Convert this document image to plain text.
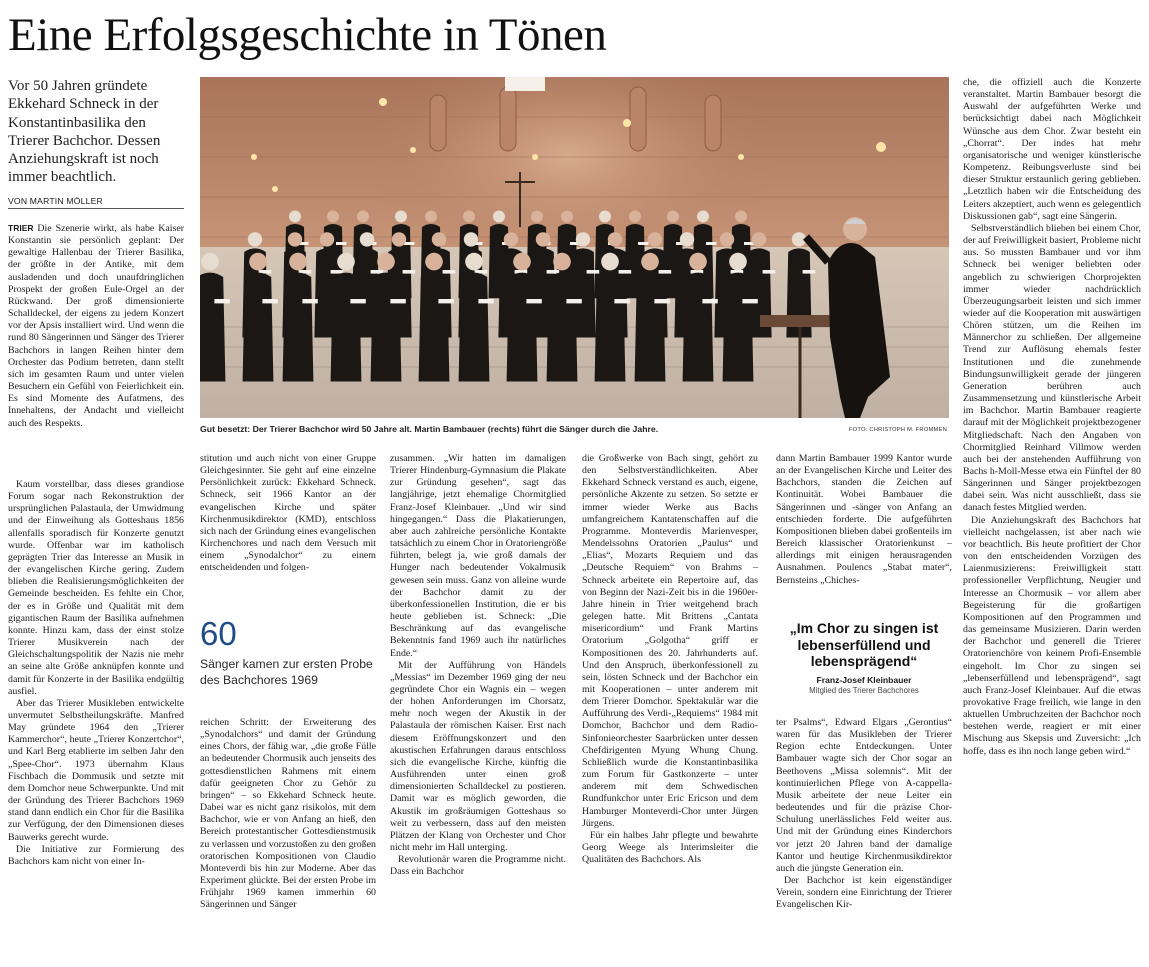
Eine Erfolgsgeschichte in Tönen
Vor 50 Jahren gründete Ekkehard Schneck in der Konstantinbasilika den Trierer Bachchor. Dessen Anziehungskraft ist noch immer beachtlich.
VON MARTIN MÖLLER
Gut besetzt: Der Trierer Bachchor wird 50 Jahre alt. Martin Bambauer (rechts) führt die Sänger durch die Jahre.	FOTO: CHRISTOPH M. FROMMEN
TRIER Die Szenerie wirkt, als habe Kaiser Konstantin sie persönlich geplant: Der gewaltige Hallenbau der Trierer Basilika, der größte in der Antike, mit dem ausladenden und doch unaufdringlichen Prospekt der großen Eule-Orgel an der Rückwand. Der groß dimensionierte Schalldeckel, der eigens zu jedem Konzert vor der Apsis installiert wird. Und wenn die rund 80 Sängerinnen und Sänger des Trierer Bachchors in langen Reihen hinter dem Orchester das Podium betreten, dann stellt sich im gesamten Raum und unter vielen Besuchern ein Gefühl von Feierlichkeit ein. Es sind Momente des Aufatmens, des Innehaltens, der Andacht und vielleicht auch des Respekts.
Kaum vorstellbar, dass dieses grandiose Forum sogar nach Rekonstruktion der ursprünglichen Palastaula, der Umwidmung und der Einweihung als Gotteshaus 1856 allenfalls sporadisch für Konzerte genutzt wurde. Offenbar war im katholisch geprägten Trier das Interesse an Musik in der evangelischen Kirche gering. Zudem blieben die Realisierungsmöglichkeiten der Gemeinde bescheiden. Es fehlte ein Chor, der es in Größe und Qualität mit dem gigantischen Raum der Basilika aufnehmen konnte. Hinzu kam, dass der einst stolze Trierer Musikverein nach der Gleichschaltungspolitik der Nazis nie mehr an seine alte Größe anknüpfen konnte und damit für Konzerte in der Basilika endgültig ausfiel.
Aber das Trierer Musikleben entwickelte unvermutet Selbstheilungskräfte. Manfred May gründete 1964 den „Trierer Kammerchor“, heute „Trierer Konzertchor“, und Karl Berg etablierte im selben Jahr den „Spee-Chor“. 1973 übernahm Klaus Fischbach die Dommusik und setzte mit dem Domchor neue Schwerpunkte. Und mit der Gründung des Trierer Bachchors 1969 stand dann endlich ein Chor für die Basilika zur Verfügung, der den Dimensionen dieses Bauwerks gerecht wurde.
Die Initiative zur Formierung des Bachchors kam nicht von einer In-
stitution und auch nicht von einer Gruppe Gleichgesinnter. Sie geht auf eine einzelne Persönlichkeit zurück: Ekkehard Schneck. Schneck, seit 1966 Kantor an der evangelischen Kirche und später Kirchenmusikdirektor (KMD), entschloss sich nach der Gründung eines evangelischen Kirchenchores und nach dem Versuch mit einem „Synodalchor“ zu einem entscheidenden und folgen-
60
Sänger kamen zur ersten Probe des Bachchores 1969
reichen Schritt: der Erweiterung des „Synodalchors“ und damit der Gründung eines Chors, der fähig war, „die große Fülle an bedeutender Chormusik auch jenseits des gottesdienstlichen Rahmens mit einem dafür geeigneten Chor zu Gehör zu bringen“ – so Ekkehard Schneck heute. Dabei war es nicht ganz risikolos, mit dem Bachchor, wie er von Anfang an hieß, den Bereich protestantischer Gottesdienstmusik zu verlassen und vorzustoßen zu den großen oratorischen Kompositionen von Claudio Monteverdi bis hin zur Moderne. Aber das Experiment glückte. Bei der ersten Probe im Frühjahr 1969 kamen immerhin 60 Sängerinnen und Sänger
zusammen. „Wir hatten im damaligen Trierer Hindenburg-Gymnasium die Plakate zur Gründung gesehen“, sagt das langjährige, jetzt ehemalige Chormitglied Franz-Josef Kleinbauer. „Und wir sind hingegangen.“ Dass die Plakatierungen, aber auch zahlreiche persönliche Kontakte tatsächlich zu einem Chor in Oratoriengröße führten, belegt ja, wie groß damals der Hunger nach bedeutender Vokalmusik gewesen sein muss. Ganz von alleine wurde der Bachchor damit zu der überkonfessionellen Institution, die er bis heute geblieben ist. Schneck: „Die Beschränkung auf das evangelische Bekenntnis fand 1969 auch ihr natürliches Ende.“
Mit der Aufführung von Händels „Messias“ im Dezember 1969 ging der neu gegründete Chor ein Wagnis ein – wegen der hohen Anforderungen im Chorsatz, mehr noch wegen der Akustik in der Palastaula der römischen Kaiser. Erst nach diesem Eröffnungskonzert und den akustischen Erfahrungen daraus entschloss sich die evangelische Kirche, künftig die Ausführenden unter einen groß dimensionierten Schalldeckel zu postieren. Damit war es möglich geworden, die Akustik im großräumigen Gotteshaus so weit zu verbessern, dass auf den meisten Plätzen der Klang von Orchester und Chor nicht mehr im Hall unterging.
Revolutionär waren die Programme nicht. Dass ein Bachchor
die Großwerke von Bach singt, gehört zu den Selbstverständlichkeiten. Aber Ekkehard Schneck verstand es auch, eigene, persönliche Akzente zu setzen. So setzte er immer wieder Werke aus Bachs umfangreichem Kantatenschaffen auf die Programme. Monteverdis Marienvesper, Mendelssohns Oratorien „Paulus“ und „Elias“, Mozarts Requiem und das „Deutsche Requiem“ von Brahms – Schneck arbeitete ein Repertoire auf, das von Beginn der Nazi-Zeit bis in die 1960er-Jahre hinein in Trier weitgehend brach gelegen hatte. Mit Brittens „Cantata misericordium“ und Frank Martins Oratorium „Golgotha“ griff er Kompositionen des 20. Jahrhunderts auf. Und den Anspruch, überkonfessionell zu sein, lösten Schneck und der Bachchor ein mit Kooperationen – unter anderem mit dem Trierer Domchor. Spektakulär war die Aufführung des Verdi-„Requiems“ 1984 mit Domchor, Bachchor und dem Radio-Sinfonieorchester Saarbrücken unter dessen Chefdirigenten Myung Whung Chung. Schließlich wurde die Konstantinbasilika zum Forum für Gastkonzerte – unter anderem mit dem Schwedischen Rundfunkchor unter Eric Ericson und dem Hamburger Monteverdi-Chor unter Jürgen Jürgens.
Für ein halbes Jahr pflegte und bewahrte Georg Weege als Interimsleiter die Qualitäten des Bachchors. Als
dann Martin Bambauer 1999 Kantor wurde an der Evangelischen Kirche und Leiter des Bachchors, standen die Zeichen auf Kontinuität. Wobei Bambauer die Sängerinnen und -sänger von Anfang an entschieden forderte. Die aufgeführten Kompositionen blieben dabei großenteils im Bereich klassischer Oratorienkunst – allerdings mit einigen herausragenden Ausnahmen. Poulencs „Stabat mater“, Bernsteins „Chiches-
„Im Chor zu singen ist lebenserfüllend und lebensprägend“
Franz-Josef Kleinbauer
Mitglied des Trierer Bachchores
ter Psalms“, Edward Elgars „Gerontius“ waren für das Musikleben der Trierer Region echte Entdeckungen. Unter Bambauer wagte sich der Chor sogar an Beethovens „Missa solemnis“. Mit der kontinuierlichen Pflege von A-cappella-Musik arbeitete der neue Leiter ein bedeutendes und für die präzise Chor-Schulung unerlässliches Feld weiter aus. Und mit der Gründung eines Kinderchors vor jetzt 20 Jahren band der damalige Kantor und heutige Kirchenmusikdirektor auch die jüngste Generation ein.
Der Bachchor ist kein eigenständiger Verein, sondern eine Einrichtung der Trierer Evangelischen Kir-
che, die offiziell auch die Konzerte veranstaltet. Martin Bambauer besorgt die Auswahl der aufgeführten Werke und berücksichtigt dabei nach Möglichkeit Wünsche aus dem Chor. Zwar besteht ein „Chorrat“. Der indes hat mehr organisatorische und weniger künstlerische Kompetenz. Reibungsverluste sind bei dieser Struktur erstaunlich gering geblieben. „Letztlich haben wir die Entscheidung des Leiters akzeptiert, auch wenn es gelegentlich Diskussionen gab“, sagt eine Sängerin.
Selbstverständlich blieben bei einem Chor, der auf Freiwilligkeit basiert, Probleme nicht aus. So mussten Bambauer und vor ihm Schneck bei weniger beliebten oder angeblich zu schwierigen Chorprojekten immer wieder nachdrücklich Überzeugungsarbeit leisten und sich immer wieder auf die Kooperation mit auswärtigen Chören stützen, um die Reihen im Männerchor zu schließen. Der allgemeine Trend zur Auflösung ehemals fester Institutionen und die zunehmende Bindungsunwilligkeit gerade der jüngeren Generation berühren auch Zusammensetzung und künstlerische Arbeit im Bachchor. Martin Bambauer reagierte darauf mit der Möglichkeit projektbezogener Mitgliedschaft. Nach den Angaben von Chormitglied Reinhard Villmow werden auch bei der anstehenden Aufführung von Bachs h-Moll-Messe etwa ein Fünftel der 80 Sängerinnen und Sänger projektbezogen dabei sein. Was nicht ausschließt, dass sie danach festes Mitglied werden.
Die Anziehungskraft des Bachchors hat vielleicht nachgelassen, ist aber nach wie vor beachtlich. Bis heute profitiert der Chor von den entscheidenden Vorzügen des Laienmusizierens: Freiwilligkeit statt professioneller Verpflichtung, Neugier und Interesse an Chormusik – vor allem aber Begeisterung für die großartigen Kompositionen auf den Programmen und das gemeinsame Musizieren. Darin werden der Bachchor und generell die Trierer Oratorienchöre von keinem Profi-Ensemble eingeholt. Im Chor zu singen sei „lebenserfüllend und lebensprägend“, sagt auch Franz-Josef Kleinbauer. Auf die etwas provokative Frage freilich, wie lange in den aktuellen Umbruchzeiten der Bachchor noch bestehen werde, reagiert er mit einer Mischung aus Skepsis und Zuversicht: „Ich hoffe, dass es ihn noch lange geben wird.“
